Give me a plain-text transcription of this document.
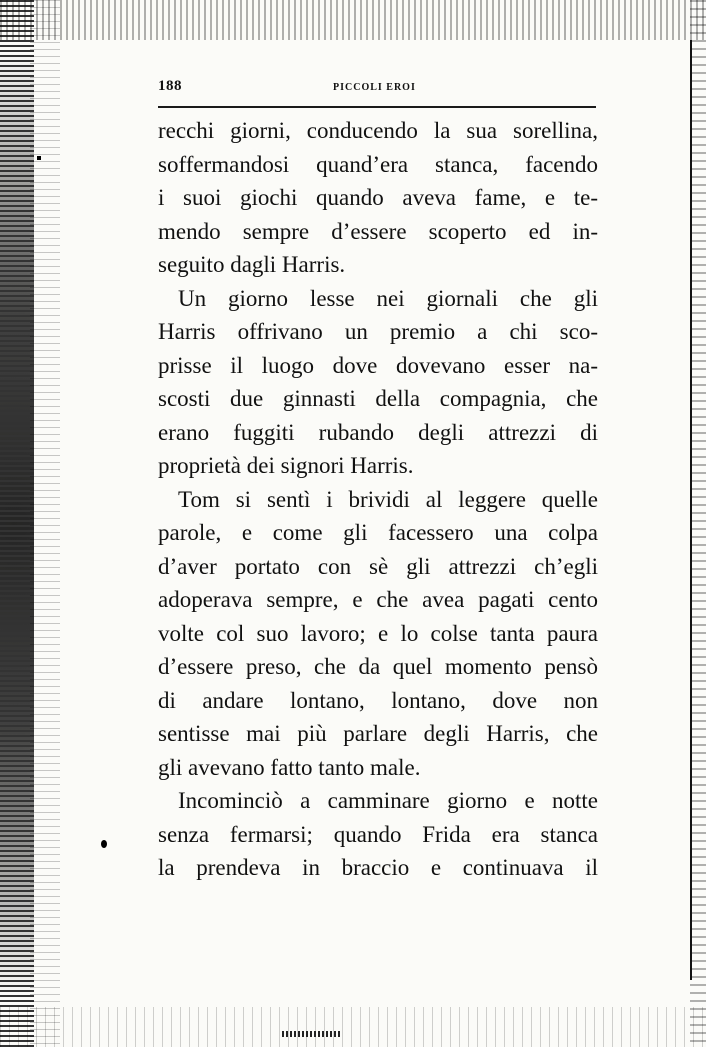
188	PICCOLI EROI
recchi giorni, conducendo la sua sorellina,
soffermandosi quand’era stanca, facendo
i suoi giochi quando aveva fame, e te-
mendo sempre d’essere scoperto ed in-
seguito dagli Harris.
Un giorno lesse nei giornali che gli
Harris offrivano un premio a chi sco-
prisse il luogo dove dovevano esser na-
scosti due ginnasti della compagnia, che
erano fuggiti rubando degli attrezzi di
proprietà dei signori Harris.
Tom si sentì i brividi al leggere quelle
parole, e come gli facessero una colpa
d’aver portato con sè gli attrezzi ch’egli
adoperava sempre, e che avea pagati cento
volte col suo lavoro; e lo colse tanta paura
d’essere preso, che da quel momento pensò
di andare lontano, lontano, dove non
sentisse mai più parlare degli Harris, che
gli avevano fatto tanto male.
Incominciò a camminare giorno e notte
senza fermarsi; quando Frida era stanca
la prendeva in braccio e continuava il
